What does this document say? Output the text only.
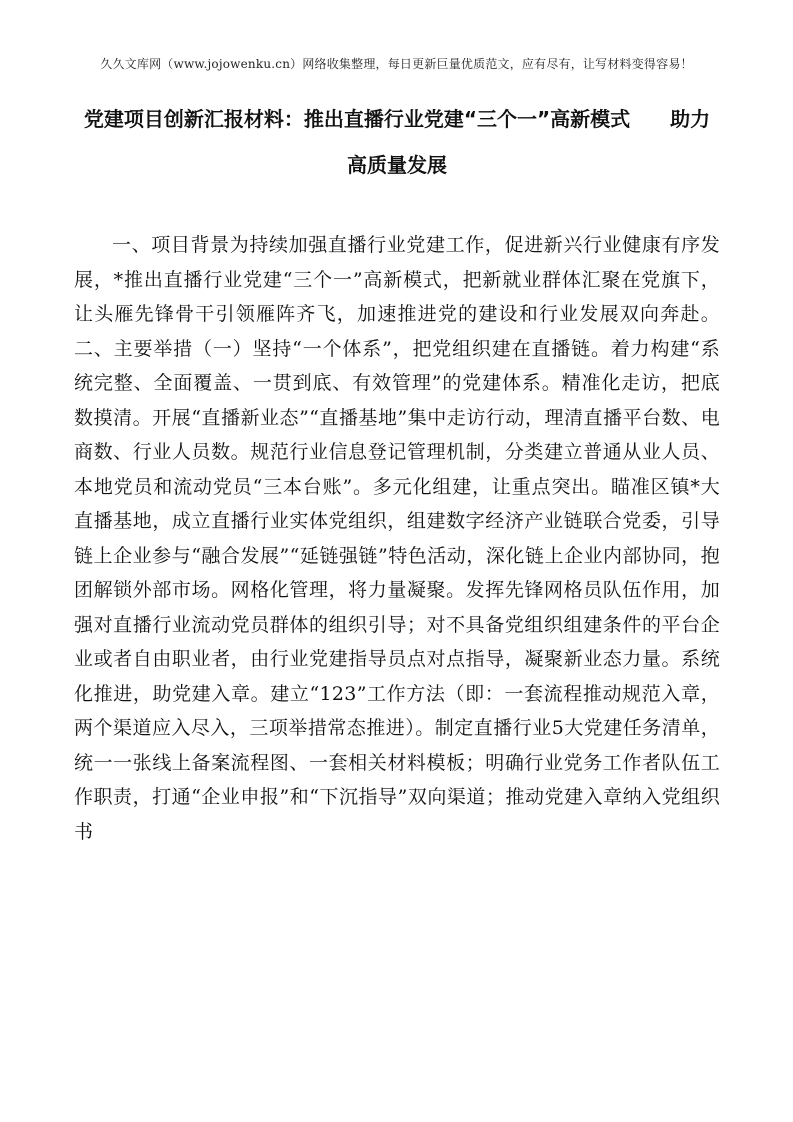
久久文库网（www.jojowenku.cn）网络收集整理，每日更新巨量优质范文，应有尽有，让写材料变得容易！
党建项目创新汇报材料：推出直播行业党建“三个一”高新模式　　助力高质量发展

一、项目背景为持续加强直播行业党建工作，促进新兴行业健康有序发展，*推出直播行业党建“三个一”高新模式，把新就业群体汇聚在党旗下，让头雁先锋骨干引领雁阵齐飞，加速推进党的建设和行业发展双向奔赴。二、主要举措（一）坚持“一个体系”，把党组织建在直播链。着力构建“系统完整、全面覆盖、一贯到底、有效管理”的党建体系。精准化走访，把底数摸清。开展“直播新业态”“直播基地”集中走访行动，理清直播平台数、电商数、行业人员数。规范行业信息登记管理机制，分类建立普通从业人员、本地党员和流动党员“三本台账”。多元化组建，让重点突出。瞄准区镇*大直播基地，成立直播行业实体党组织，组建数字经济产业链联合党委，引导链上企业参与“融合发展”“延链强链”特色活动，深化链上企业内部协同，抱团解锁外部市场。网格化管理，将力量凝聚。发挥先锋网格员队伍作用，加强对直播行业流动党员群体的组织引导；对不具备党组织组建条件的平台企业或者自由职业者，由行业党建指导员点对点指导，凝聚新业态力量。系统化推进，助党建入章。建立“123”工作方法（即：一套流程推动规范入章，两个渠道应入尽入，三项举措常态推进）。制定直播行业5大党建任务清单，统一一张线上备案流程图、一套相关材料模板；明确行业党务工作者队伍工作职责，打通“企业申报”和“下沉指导”双向渠道；推动党建入章纳入党组织书
